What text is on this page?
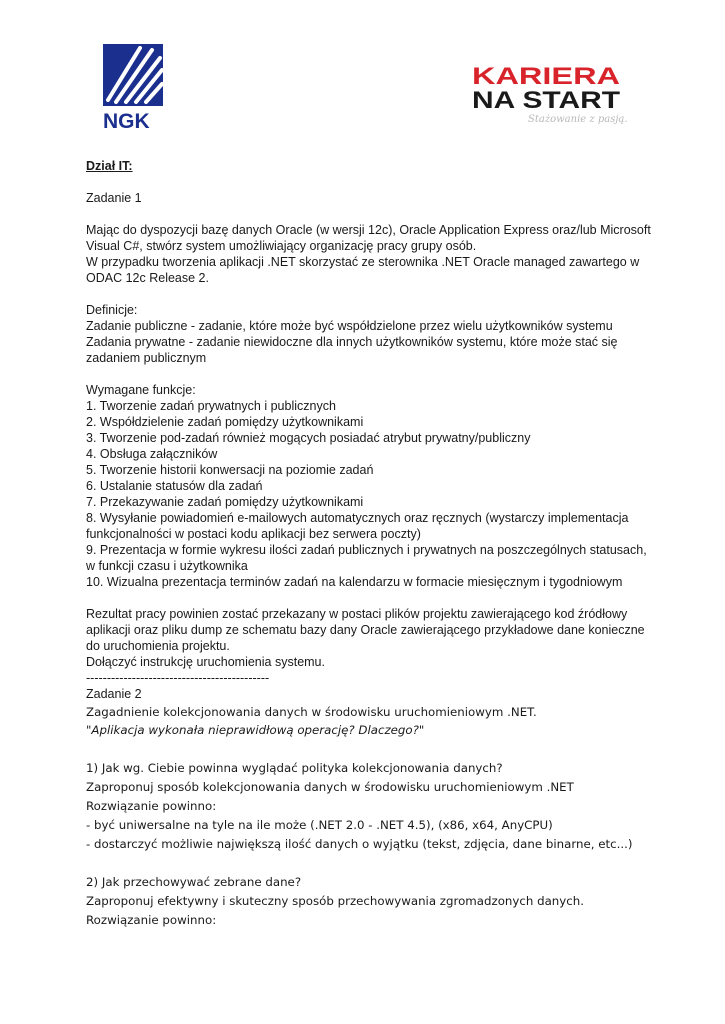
NGK
KARIERA
NA START
Stażowanie z pasją.
Dział IT:
Zadanie 1
Mając do dyspozycji bazę danych Oracle (w wersji 12c), Oracle Application Express oraz/lub Microsoft
Visual C#, stwórz system umożliwiający organizację pracy grupy osób.
W przypadku tworzenia aplikacji .NET skorzystać ze sterownika .NET Oracle managed zawartego w
ODAC 12c Release 2.
Definicje:
Zadanie publiczne - zadanie, które może być współdzielone przez wielu użytkowników systemu
Zadania prywatne - zadanie niewidoczne dla innych użytkowników systemu, które może stać się
zadaniem publicznym
Wymagane funkcje:
1. Tworzenie zadań prywatnych i publicznych
2. Współdzielenie zadań pomiędzy użytkownikami
3. Tworzenie pod-zadań również mogących posiadać atrybut prywatny/publiczny
4. Obsługa załączników
5. Tworzenie historii konwersacji na poziomie zadań
6. Ustalanie statusów dla zadań
7. Przekazywanie zadań pomiędzy użytkownikami
8. Wysyłanie powiadomień e-mailowych automatycznych oraz ręcznych (wystarczy implementacja
funkcjonalności w postaci kodu aplikacji bez serwera poczty)
9. Prezentacja w formie wykresu ilości zadań publicznych i prywatnych na poszczególnych statusach,
w funkcji czasu i użytkownika
10. Wizualna prezentacja terminów zadań na kalendarzu w formacie miesięcznym i tygodniowym
Rezultat pracy powinien zostać przekazany w postaci plików projektu zawierającego kod źródłowy
aplikacji oraz pliku dump ze schematu bazy dany Oracle zawierającego przykładowe dane konieczne
do uruchomienia projektu.
Dołączyć instrukcję uruchomienia systemu.
--------------------------------------------
Zadanie 2
Zagadnienie kolekcjonowania danych w środowisku uruchomieniowym .NET.
"Aplikacja wykonała nieprawidłową operację? Dlaczego?"
1) Jak wg. Ciebie powinna wyglądać polityka kolekcjonowania danych?
Zaproponuj sposób kolekcjonowania danych w środowisku uruchomieniowym .NET
Rozwiązanie powinno:
- być uniwersalne na tyle na ile może (.NET 2.0 - .NET 4.5), (x86, x64, AnyCPU)
- dostarczyć możliwie największą ilość danych o wyjątku (tekst, zdjęcia, dane binarne, etc...)
2) Jak przechowywać zebrane dane?
Zaproponuj efektywny i skuteczny sposób przechowywania zgromadzonych danych.
Rozwiązanie powinno:
